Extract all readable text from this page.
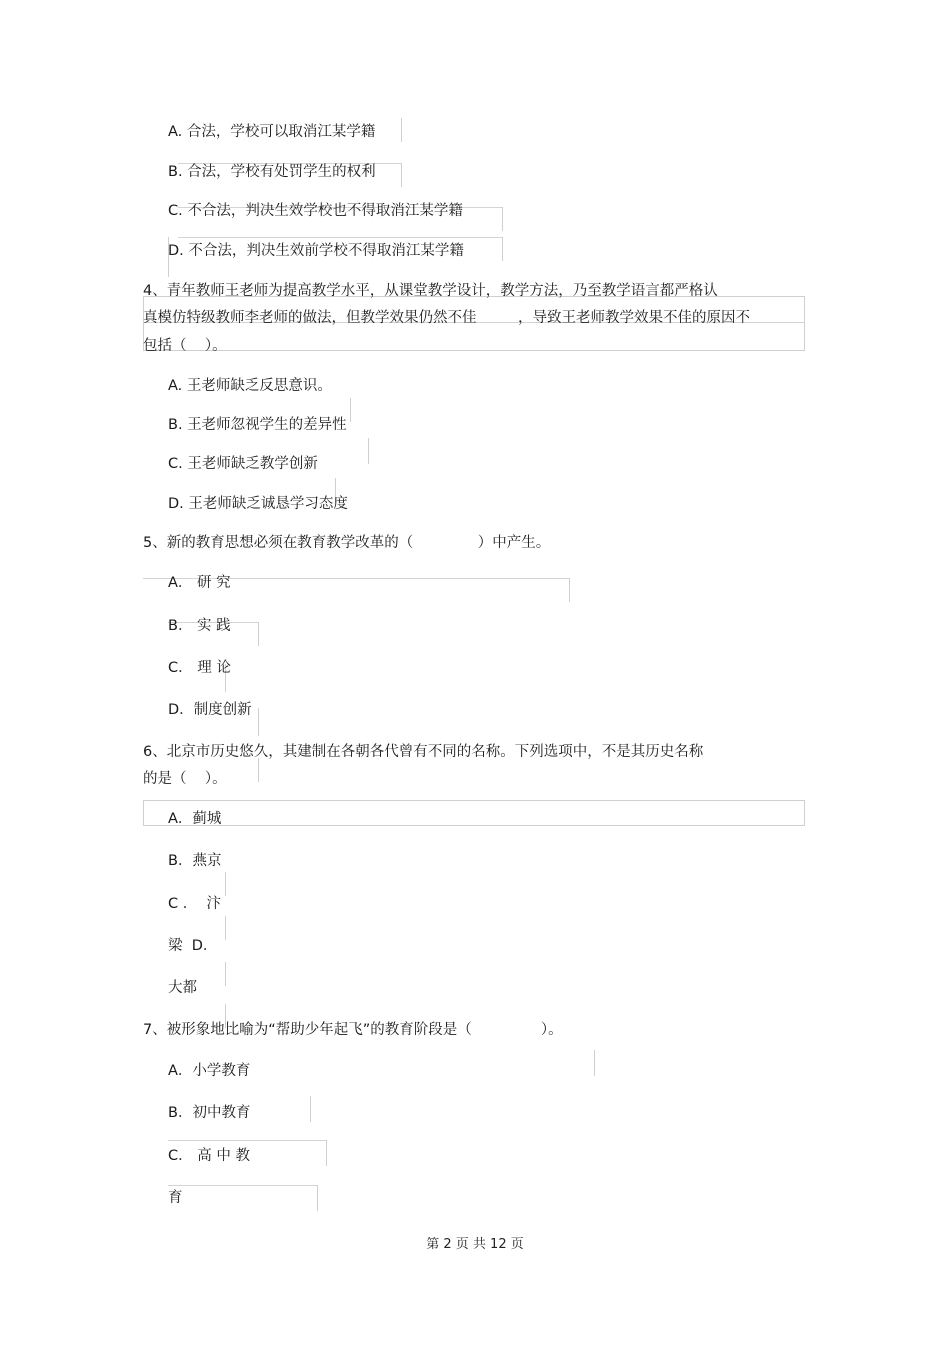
A. 合法，学校可以取消江某学籍
B. 合法，学校有处罚学生的权利
C. 不合法，判决生效学校也不得取消江某学籍
D. 不合法，判决生效前学校不得取消江某学籍
4、青年教师王老师为提高教学水平，从课堂教学设计，教学方法，乃至教学语言都严格认
真模仿特级教师李老师的做法，但教学效果仍然不佳         ，导致王老师教学效果不佳的原因不
包括（    ）。
A. 王老师缺乏反思意识。
B. 王老师忽视学生的差异性
C. 王老师缺乏教学创新
D. 王老师缺乏诚恳学习态度
5、新的教育思想必须在教育教学改革的（              ）中产生。
A． 研 究
B． 实 践
C． 理 论
D．制度创新
6、北京市历史悠久，其建制在各朝各代曾有不同的名称。下列选项中，不是其历史名称
的是（    ）。
A．蓟城
B．燕京
C ．  汴
梁  D．
大都
7、被形象地比喻为“帮助少年起飞”的教育阶段是（               ）。
A．小学教育
B．初中教育
C． 高 中 教
育
第 2 页 共 12 页
